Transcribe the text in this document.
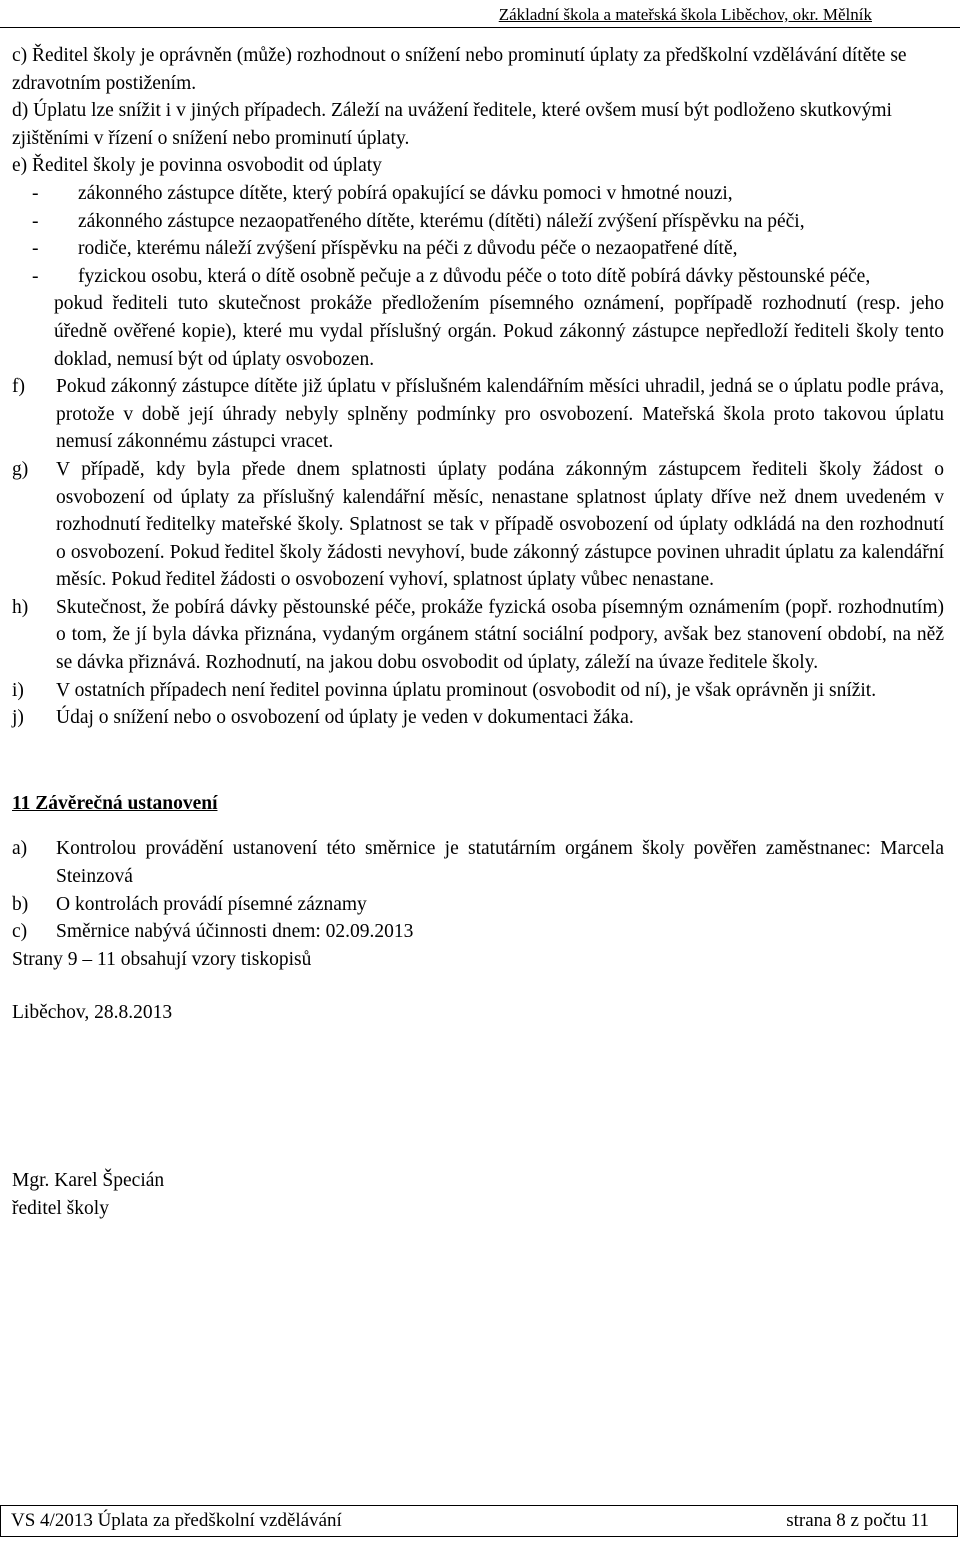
Základní škola a mateřská škola Liběchov, okr. Mělník

c) Ředitel školy je oprávněn (může) rozhodnout o snížení nebo prominutí úplaty za předškolní vzdělávání dítěte se zdravotním postižením.

d) Úplatu lze snížit i v jiných případech. Záleží na uvážení ředitele, které ovšem musí být podloženo skutkovými zjištěními v řízení o snížení nebo prominutí úplaty.

e) Ředitel školy je povinna osvobodit od úplaty

-	zákonného zástupce dítěte, který pobírá opakující se dávku pomoci v hmotné nouzi,
-	zákonného zástupce nezaopatřeného dítěte, kterému (dítěti) náleží zvýšení příspěvku na péči,
-	rodiče, kterému náleží zvýšení příspěvku na péči z důvodu péče o nezaopatřené dítě,
-	fyzickou osobu, která o dítě osobně pečuje a z důvodu péče o toto dítě pobírá dávky pěstounské péče,

pokud řediteli tuto skutečnost prokáže předložením písemného oznámení, popřípadě rozhodnutí (resp. jeho úředně ověřené kopie), které mu vydal příslušný orgán. Pokud zákonný zástupce nepředloží řediteli školy tento doklad, nemusí být od úplaty osvobozen.

f)	Pokud zákonný zástupce dítěte již úplatu v příslušném kalendářním měsíci uhradil, jedná se o úplatu podle práva, protože v době její úhrady nebyly splněny podmínky pro osvobození. Mateřská škola proto takovou úplatu nemusí zákonnému zástupci vracet.
g)	V případě, kdy byla přede dnem splatnosti úplaty podána zákonným zástupcem řediteli školy žádost o osvobození od úplaty za příslušný kalendářní měsíc, nenastane splatnost úplaty dříve než dnem uvedeném v rozhodnutí ředitelky mateřské školy. Splatnost se tak v případě osvobození od úplaty odkládá na den rozhodnutí o osvobození. Pokud ředitel školy žádosti nevyhoví, bude zákonný zástupce povinen uhradit úplatu za kalendářní měsíc. Pokud ředitel žádosti o osvobození vyhoví, splatnost úplaty vůbec nenastane.
h)	Skutečnost, že pobírá dávky pěstounské péče, prokáže fyzická osoba písemným oznámením (popř. rozhodnutím) o tom, že jí byla dávka přiznána, vydaným orgánem státní sociální podpory, avšak bez stanovení období, na něž se dávka přiznává. Rozhodnutí, na jakou dobu osvobodit od úplaty, záleží na úvaze ředitele školy.
i)	V ostatních případech není ředitel povinna úplatu prominout (osvobodit od ní), je však oprávněn ji snížit.
j)	Údaj o snížení nebo o osvobození od úplaty je veden v dokumentaci žáka.
11 Závěrečná ustanovení
a)	Kontrolou provádění ustanovení této směrnice je statutárním orgánem školy pověřen zaměstnanec: Marcela Steinzová
b)	O kontrolách provádí písemné záznamy
c)	Směrnice nabývá účinnosti dnem: 02.09.2013
Strany 9 – 11 obsahují vzory tiskopisů
Liběchov, 28.8.2013
Mgr. Karel Špecián
ředitel školy
VS 4/2013 Úplata za předškolní vzdělávání	strana 8 z počtu 11
